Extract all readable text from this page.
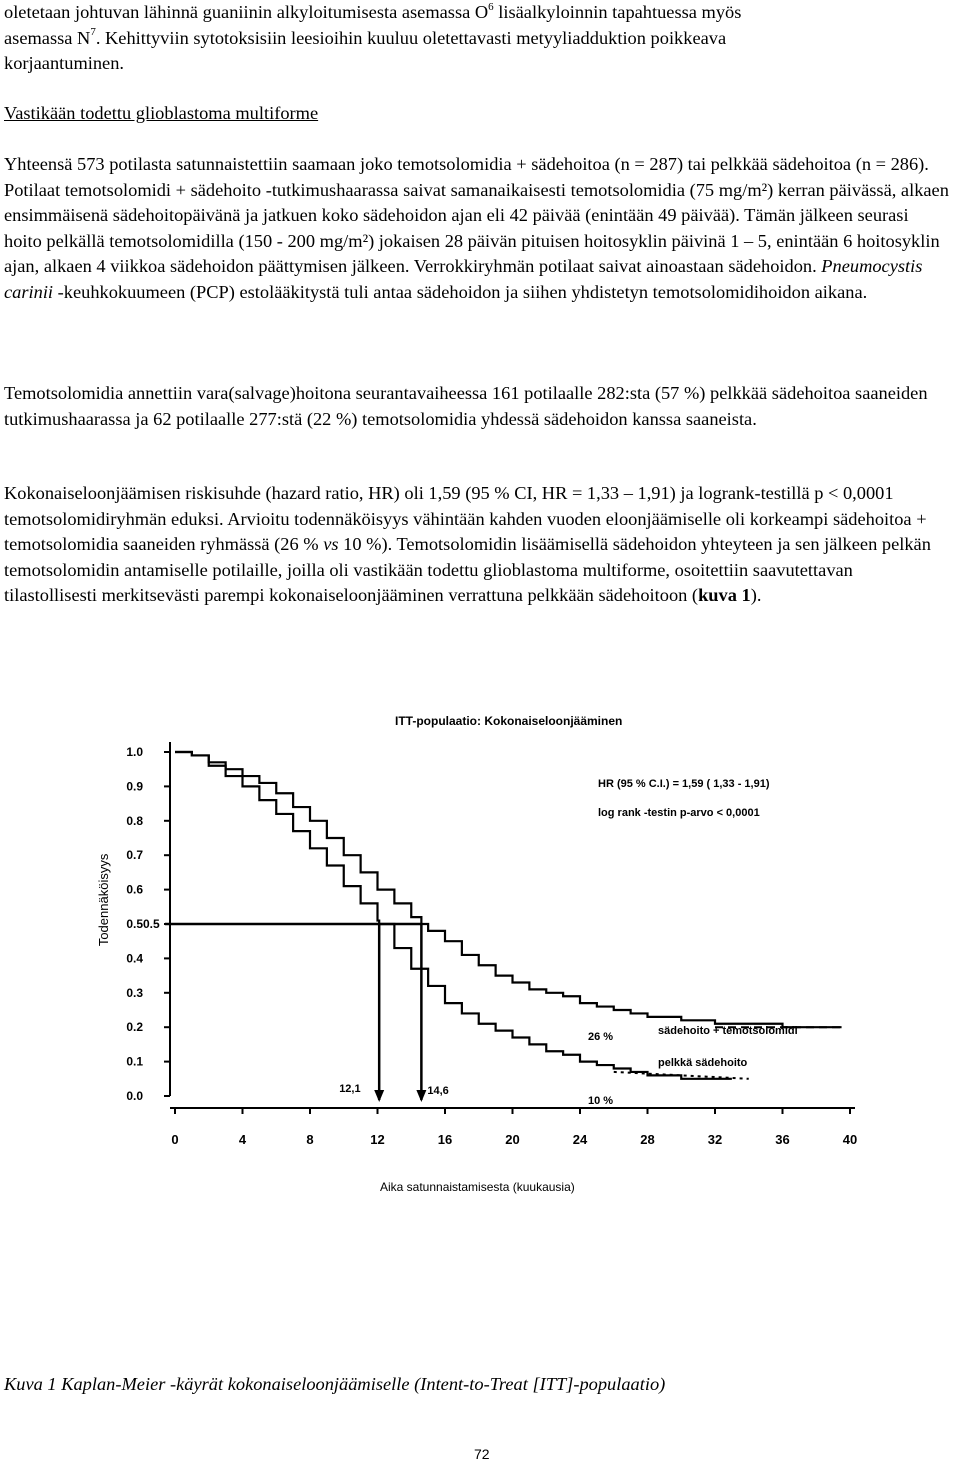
oletetaan johtuvan lähinnä guaniinin alkyloitumisesta asemassa $O^6$ lisäalkyloinnin tapahtuessa myös
asemassa $N^7$. Kehittyviin sytotoksisiin leesioihin kuuluu oletettavasti metyyliadduktion poikkeava
korjaantuminen.

Vastikään todettu glioblastoma multiforme

Yhteensä 573 potilasta satunnaistettiin saamaan joko temotsolomidia + sädehoitoa (n = 287) tai pelkkää sädehoitoa (n = 286). Potilaat temotsolomidi + sädehoito -tutkimushaarassa saivat samanaikaisesti temotsolomidia (75 mg/m²) kerran päivässä, alkaen ensimmäisenä sädehoitopäivänä ja jatkuen koko sädehoidon ajan eli 42 päivää (enintään 49 päivää). Tämän jälkeen seurasi hoito pelkällä temotsolomidilla (150 - 200 mg/m²) jokaisen 28 päivän pituisen hoitosyklin päivinä 1 – 5, enintään 6 hoitosyklin ajan, alkaen 4 viikkoa sädehoidon päättymisen jälkeen. Verrokkiryhmän potilaat saivat ainoastaan sädehoidon. Pneumocystis carinii -keuhkokuumeen (PCP) estolääkitystä tuli antaa sädehoidon ja siihen yhdistetyn temotsolomidihoidon aikana.

Temotsolomidia annettiin vara(salvage)hoitona seurantavaiheessa 161 potilaalle 282:sta (57 %) pelkkää sädehoitoa saaneiden tutkimushaarassa ja 62 potilaalle 277:stä (22 %) temotsolomidia yhdessä sädehoidon kanssa saaneista.

Kokonaiseloonjäämisen riskisuhde (hazard ratio, HR) oli 1,59 (95 % CI, HR = 1,33 – 1,91) ja logrank-testillä p < 0,0001 temotsolomidiryhmän eduksi. Arvioitu todennäköisyys vähintään kahden vuoden eloonjäämiselle oli korkeampi sädehoitoa + temotsolomidia saaneiden ryhmässä (26 % vs 10 %). Temotsolomidin lisäämisellä sädehoidon yhteyteen ja sen jälkeen pelkän temotsolomidin antamiselle potilaille, joilla oli vastikään todettu glioblastoma multiforme, osoitettiin saavutettavan tilastollisesti merkitsevästi parempi kokonaiseloonjääminen verrattuna pelkkään sädehoitoon (kuva 1).

ITT-populaatio: Kokonaiseloonjääminen
0.0
0.1
0.2
0.3
0.4
0.5
0.6
0.7
0.8
0.9
1.0
0	4	8	12	16	20	24	28	32	36	40
Todennäköisyys
Aika satunnaistamisesta (kuukausia)
HR (95 % C.I.) = 1,59 ( 1,33 - 1,91)
log rank -testin p-arvo < 0,0001
sädehoito + temotsolomidi
pelkkä sädehoito
26 %
10 %
0.5
12,1	14,6
Kuva 1 Kaplan-Meier -käyrät kokonaiseloonjäämiselle (Intent-to-Treat [ITT]-populaatio)
72
